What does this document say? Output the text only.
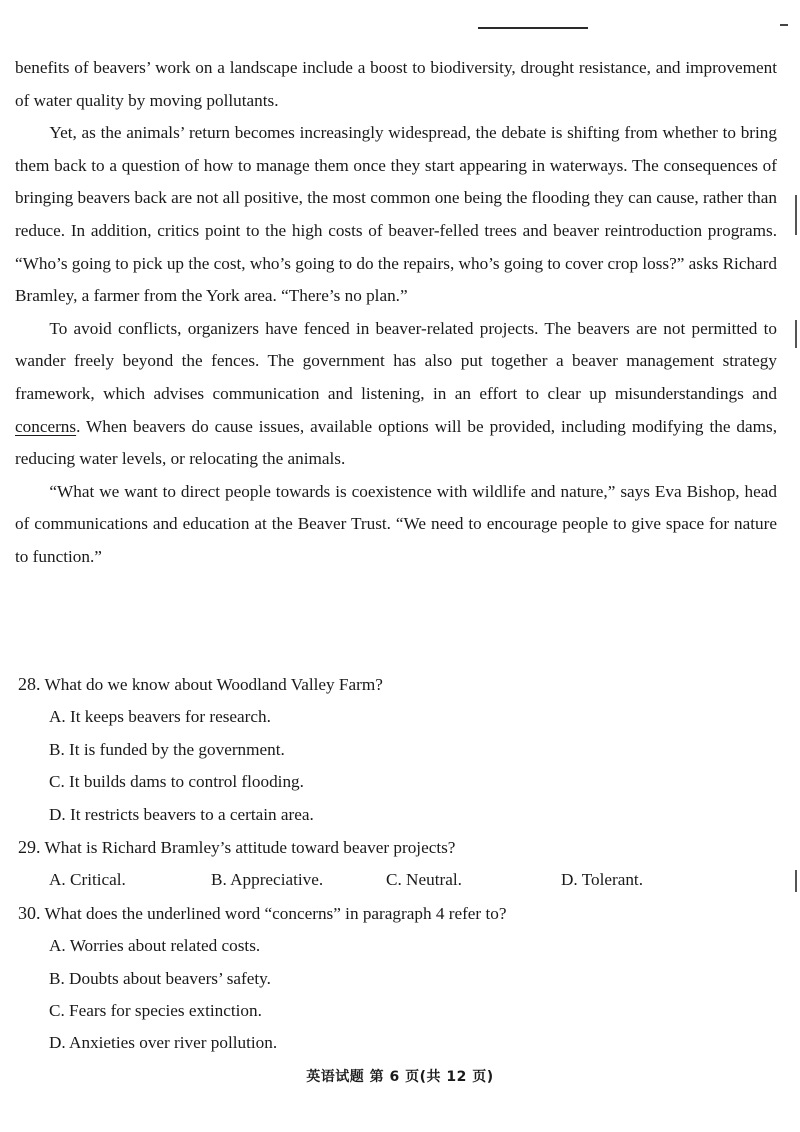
benefits of beavers’ work on a landscape include a boost to biodiversity, drought resistance, and improvement of water quality by moving pollutants.

Yet, as the animals’ return becomes increasingly widespread, the debate is shifting from whether to bring them back to a question of how to manage them once they start appearing in waterways. The consequences of bringing beavers back are not all positive, the most common one being the flooding they can cause, rather than reduce. In addition, critics point to the high costs of beaver-felled trees and beaver reintroduction programs. “Who’s going to pick up the cost, who’s going to do the repairs, who’s going to cover crop loss?” asks Richard Bramley, a farmer from the York area. “There’s no plan.”

To avoid conflicts, organizers have fenced in beaver-related projects. The beavers are not permitted to wander freely beyond the fences. The government has also put together a beaver management strategy framework, which advises communication and listening, in an effort to clear up misunderstandings and concerns. When beavers do cause issues, available options will be provided, including modifying the dams, reducing water levels, or relocating the animals.

“What we want to direct people towards is coexistence with wildlife and nature,” says Eva Bishop, head of communications and education at the Beaver Trust. “We need to encourage people to give space for nature to function.”

28. What do we know about Woodland Valley Farm?
A. It keeps beavers for research.
B. It is funded by the government.
C. It builds dams to control flooding.
D. It restricts beavers to a certain area.
29. What is Richard Bramley’s attitude toward beaver projects?
A. Critical.	B. Appreciative.	C. Neutral.	D. Tolerant.
30. What does the underlined word “concerns” in paragraph 4 refer to?
A. Worries about related costs.
B. Doubts about beavers’ safety.
C. Fears for species extinction.
D. Anxieties over river pollution.
英语试题 第 6 页(共 12 页)
